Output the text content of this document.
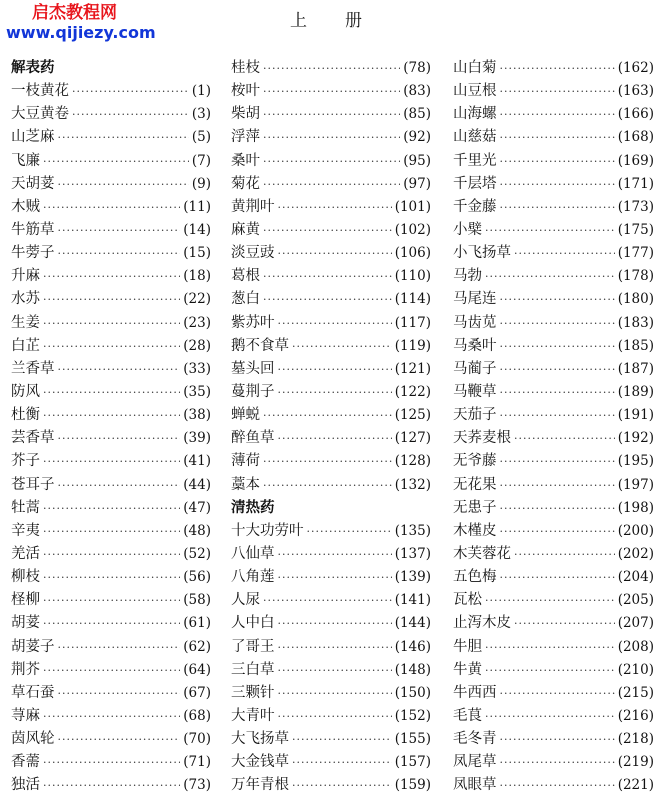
启杰教程网
www.qijiezy.com
上册
解表药
一枝黄花 ·····	(1)
大豆黄卷 ·····	(3)
山芝麻 ·····	(5)
飞廉 ·····	(7)
天胡荽 ·····	(9)
木贼 ·····	(11)
牛筋草 ·····	(14)
牛蒡子 ·····	(15)
升麻 ·····	(18)
水苏 ·····	(22)
生姜 ·····	(23)
白芷 ·····	(28)
兰香草 ·····	(33)
防风 ·····	(35)
杜衡 ·····	(38)
芸香草 ·····	(39)
芥子 ·····	(41)
苍耳子 ·····	(44)
牡蒿 ·····	(47)
辛夷 ·····	(48)
羌活 ·····	(52)
柳枝 ·····	(56)
柽柳 ·····	(58)
胡荽 ·····	(61)
胡荽子 ·····	(62)
荆芥 ·····	(64)
草石蚕 ·····	(67)
荨麻 ·····	(68)
茵风轮 ·····	(70)
香薷 ·····	(71)
独活 ·····	(73)
桂枝 ·····	(78)
桉叶 ·····	(83)
柴胡 ·····	(85)
浮萍 ·····	(92)
桑叶 ·····	(95)
菊花 ·····	(97)
黄荆叶 ·····	(101)
麻黄 ·····	(102)
淡豆豉 ·····	(106)
葛根 ·····	(110)
葱白 ·····	(114)
紫苏叶 ·····	(117)
鹅不食草 ·····	(119)
墓头回 ·····	(121)
蔓荆子 ·····	(122)
蝉蜕 ·····	(125)
醉鱼草 ·····	(127)
薄荷 ·····	(128)
藁本 ·····	(132)
清热药
十大功劳叶 ·····	(135)
八仙草 ·····	(137)
八角莲 ·····	(139)
人尿 ·····	(141)
人中白 ·····	(144)
了哥王 ·····	(146)
三白草 ·····	(148)
三颗针 ·····	(150)
大青叶 ·····	(152)
大飞扬草 ·····	(155)
大金钱草 ·····	(157)
万年青根 ·····	(159)
山白菊 ·····	(162)
山豆根 ·····	(163)
山海螺 ·····	(166)
山慈菇 ·····	(168)
千里光 ·····	(169)
千层塔 ·····	(171)
千金藤 ·····	(173)
小檗 ·····	(175)
小飞扬草 ·····	(177)
马勃 ·····	(178)
马尾连 ·····	(180)
马齿苋 ·····	(183)
马桑叶 ·····	(185)
马蔺子 ·····	(187)
马鞭草 ·····	(189)
天茄子 ·····	(191)
天荞麦根 ·····	(192)
无爷藤 ·····	(195)
无花果 ·····	(197)
无患子 ·····	(198)
木槿皮 ·····	(200)
木芙蓉花 ·····	(202)
五色梅 ·····	(204)
瓦松 ·····	(205)
止泻木皮 ·····	(207)
牛胆 ·····	(208)
牛黄 ·····	(210)
牛西西 ·····	(215)
毛茛 ·····	(216)
毛冬青 ·····	(218)
凤尾草 ·····	(219)
凤眼草 ·····	(221)
